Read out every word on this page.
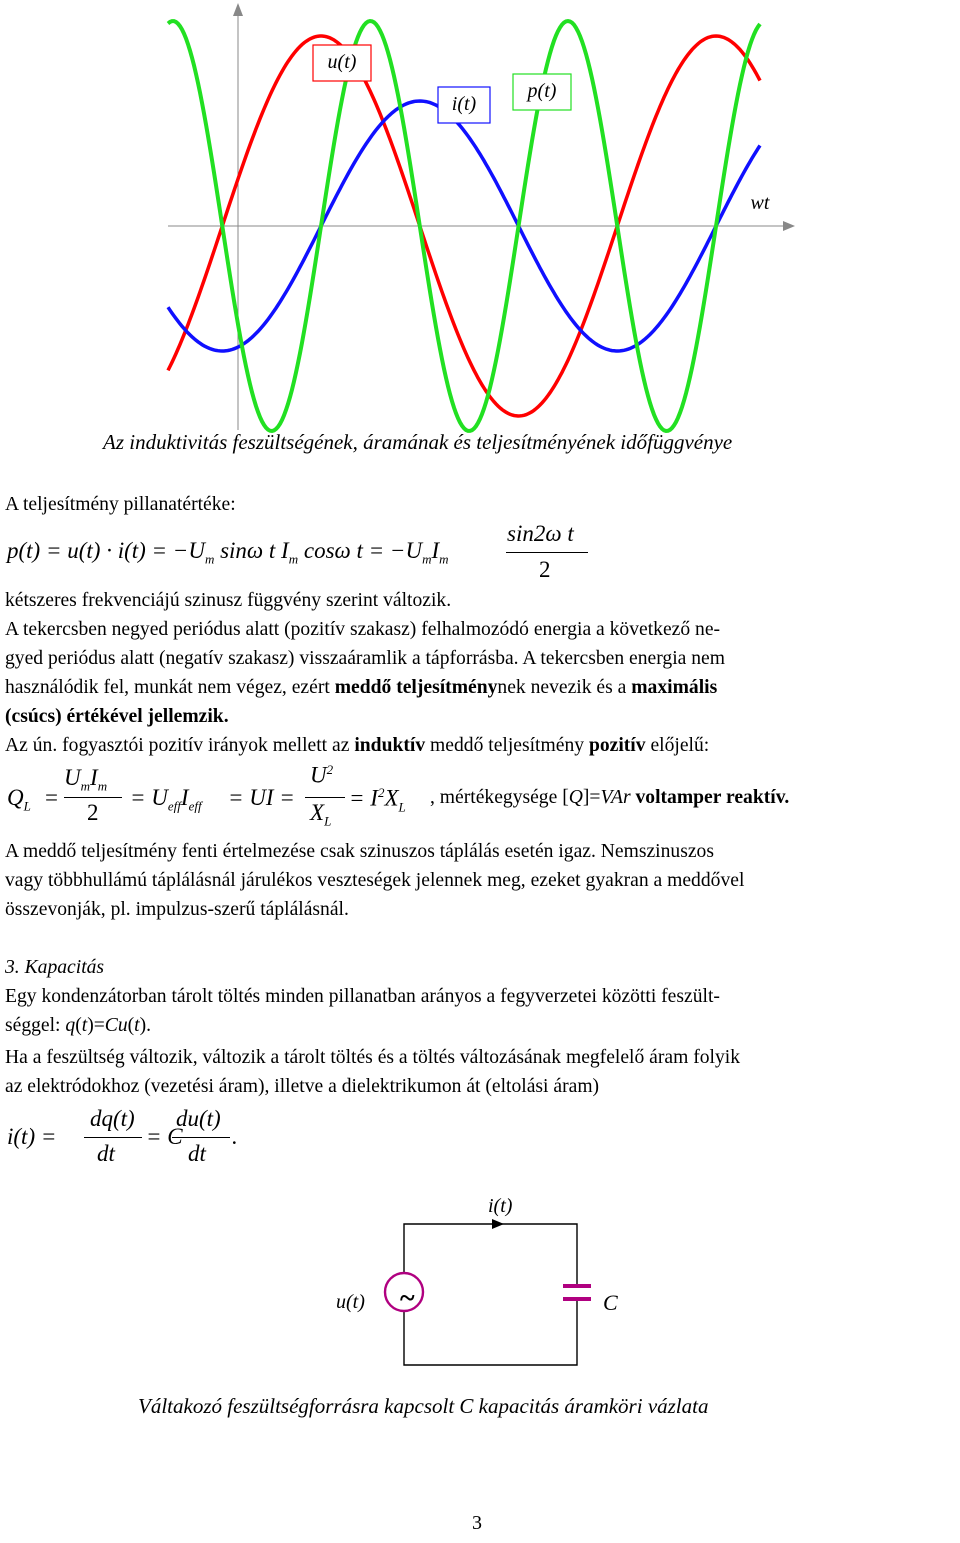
u(t)
i(t)
p(t)
wt
Az induktivitás feszültségének, áramának és teljesítményének időfüggvénye
A teljesítmény pillanatértéke:
$p(t) = u(t) \cdot i(t) = -U_m$ sinω t $I_m$ cosω $t = -U_mI_m$
sin2ω t
2
kétszeres frekvenciájú szinusz függvény szerint változik.
A tekercsben negyed periódus alatt (pozitív szakasz) felhalmozódó energia a következő ne-
gyed periódus alatt (negatív szakasz) visszaáramlik a tápforrásba. A tekercsben energia nem
használódik fel, munkát nem végez, ezért meddő teljesítménynek nevezik és a maximális
(csúcs) értékével jellemzik.
Az ún. fogyasztói pozitív irányok mellett az induktív meddő teljesítmény pozitív előjelű:
$Q_L$ =
$U_mI_m$
2
= $U_{eff}I_{eff}$ = UI =
$U^2$
$X_L$
= $I^2X_L$ , mértékegysége [Q]=VAr voltamper reaktív.
A meddő teljesítmény fenti értelmezése csak szinuszos táplálás esetén igaz. Nemszinuszos
vagy többhullámú táplálásnál járulékos veszteségek jelennek meg, ezeket gyakran a meddővel
összevonják, pl. impulzus-szerű táplálásnál.
3. Kapacitás
Egy kondenzátorban tárolt töltés minden pillanatban arányos a fegyverzetei közötti feszült-
séggel: q(t)=Cu(t).
Ha a feszültség változik, változik a tárolt töltés és a töltés változásának megfelelő áram folyik
az elektródokhoz (vezetési áram), illetve a dielektrikumon át (eltolási áram)
i(t) =
dq(t)
dt
= C
du(t)
dt
.
i(t)
u(t) ~	C
Váltakozó feszültségforrásra kapcsolt C kapacitás áramköri vázlata
3
